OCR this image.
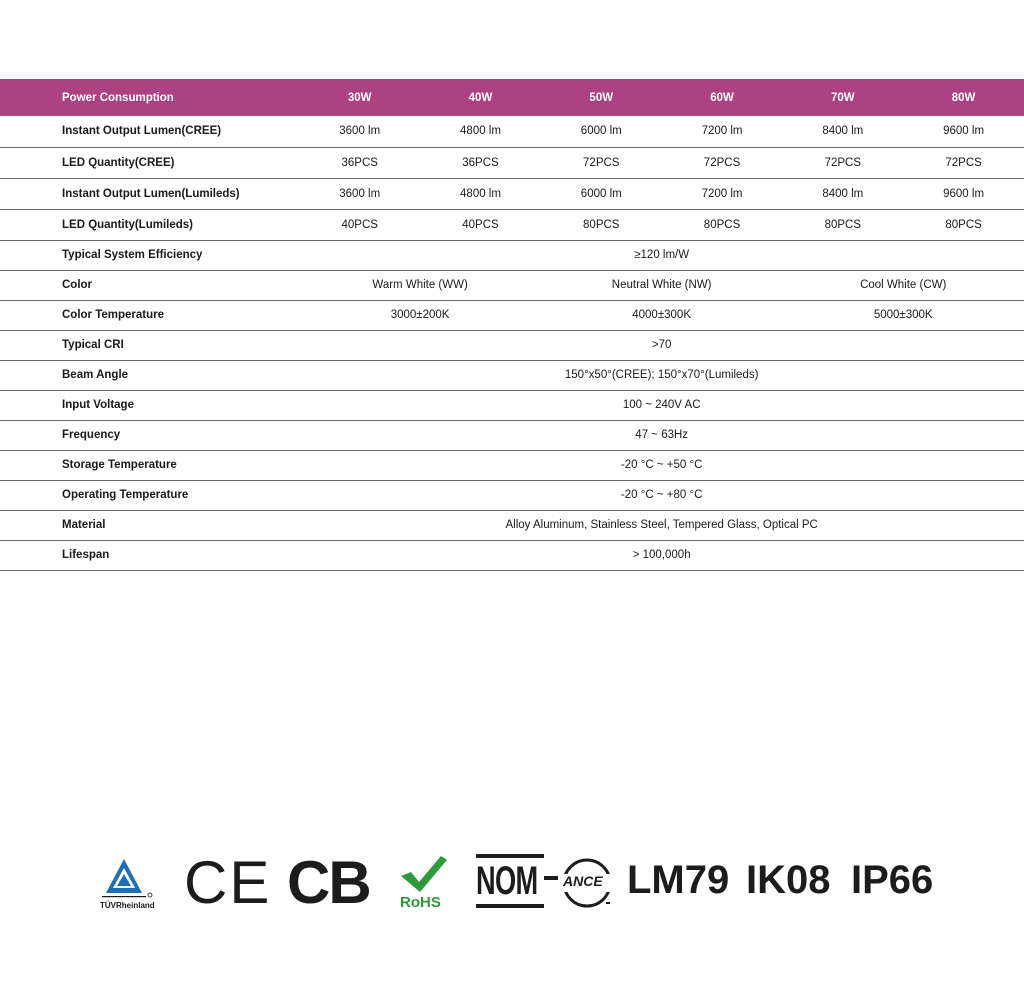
Power Consumption	30W	40W	50W	60W	70W	80W
Instant Output Lumen(CREE)	3600 lm	4800 lm	6000 lm	7200 lm	8400 lm	9600 lm
LED Quantity(CREE)	36PCS	36PCS	72PCS	72PCS	72PCS	72PCS
Instant Output Lumen(Lumileds)	3600 lm	4800 lm	6000 lm	7200 lm	8400 lm	9600 lm
LED Quantity(Lumileds)	40PCS	40PCS	80PCS	80PCS	80PCS	80PCS
Typical System Efficiency	≥120 lm/W					
Color	Warm White (WW)		Neutral White (NW)		Cool White (CW)	
Color Temperature	3000±200K		4000±300K		5000±300K	
Typical CRI	>70					
Beam Angle	150°x50°(CREE); 150°x70°(Lumileds)					
Input Voltage	100 ~ 240V AC					
Frequency	47 ~ 63Hz					
Storage Temperature	-20 °C ~ +50 °C					
Operating Temperature	-20 °C ~ +80 °C					
Material	Alloy Aluminum, Stainless Steel, Tempered Glass, Optical PC					
Lifespan	> 100,000h					
TÜVRheinland CE CB RoHS NOM ANCE LM79 IK08 IP66
